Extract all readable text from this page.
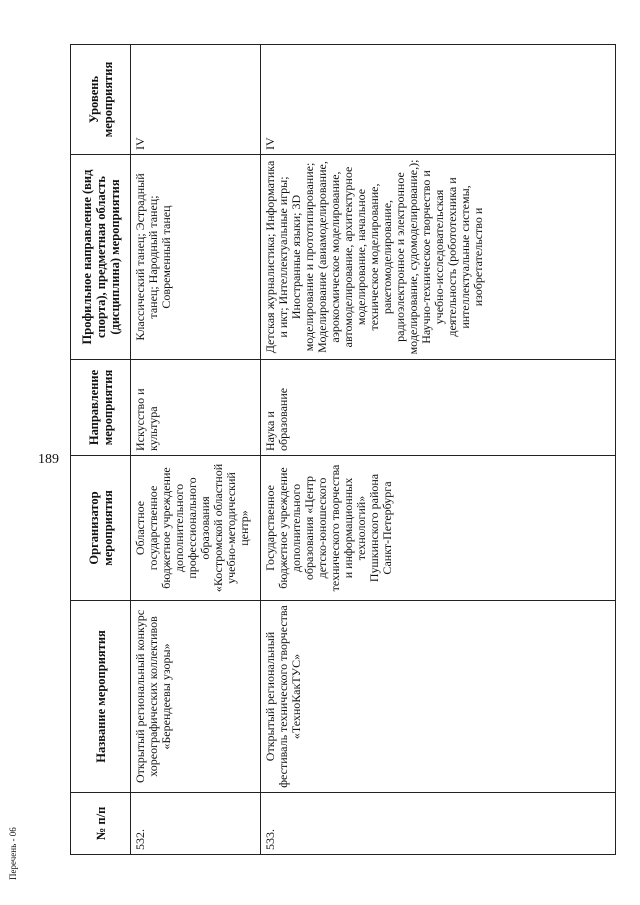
189
№ п/п	Название мероприятия	Организатор мероприятия	Направление мероприятия	Профильное направление (вид спорта), предметная область (дисциплина) мероприятия	Уровень мероприятия
532.	Открытый региональный конкурс хореографических коллективов «Берендеевы узоры»	Областное государственное бюджетное учреждение дополнительного профессионального образования «Костромской областной учебно-методический центр»	Искусство и культура	Классический танец; Эстрадный танец; Народный танец; Современный танец	IV
533.	Открытый региональный фестиваль технического творчества «ТехноКакТУС»	Государственное бюджетное учреждение дополнительного образования «Центр детско-юношеского технического творчества и информационных технологий» Пушкинского района Санкт-Петербурга	Наука и образование	Детская журналистика; Информатика и икт; Интеллектуальные игры; Иностранные языки; 3D моделирование и прототипирование; Моделирование (авиамоделирование, аэрокосмическое моделирование, автомоделирование, архитектурное моделирование, начальное техническое моделирование, ракетомоделирование, радиоэлектронное и электронное моделирование, судомоделирование,); Научно-техническое творчество и учебно-исследовательская деятельность (робототехника и интеллектуальные системы, изобретательство и	IV
Перечень - 06
